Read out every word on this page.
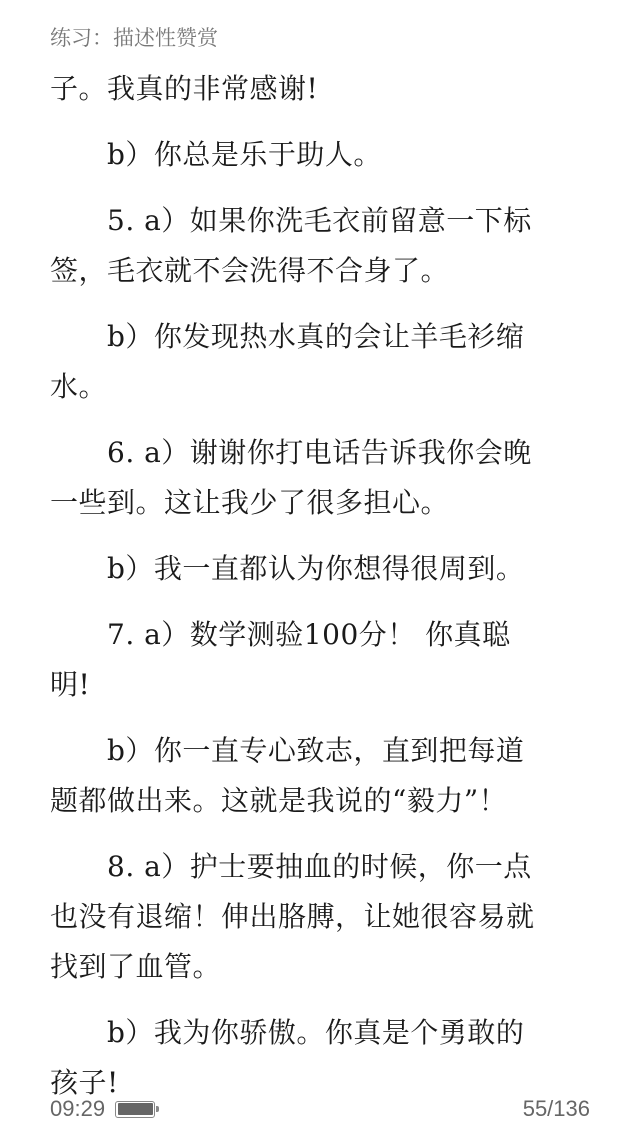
练习：描述性赞赏
子。我真的非常感谢!
b）你总是乐于助人。
5. a）如果你洗毛衣前留意一下标
签，毛衣就不会洗得不合身了。
b）你发现热水真的会让羊毛衫缩
水。
6. a）谢谢你打电话告诉我你会晚
一些到。这让我少了很多担心。
b）我一直都认为你想得很周到。
7. a）数学测验100分！ 你真聪
明!
b）你一直专心致志，直到把每道
题都做出来。这就是我说的“毅力”！
8. a）护士要抽血的时候，你一点
也没有退缩！伸出胳膊，让她很容易就
找到了血管。
b）我为你骄傲。你真是个勇敢的
孩子!
09:29	55/136
